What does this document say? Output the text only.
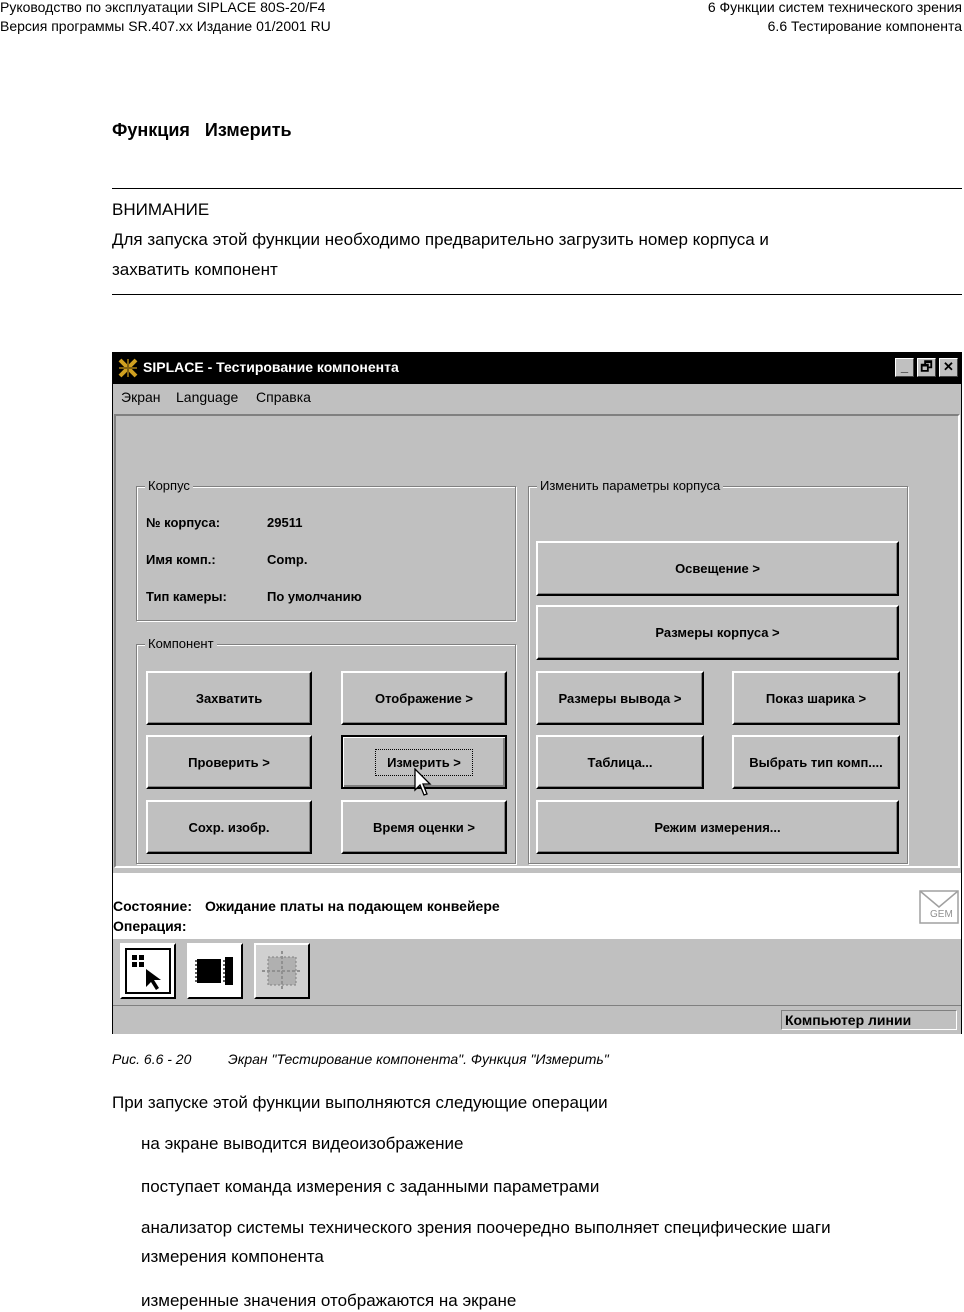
Руководство по эксплуатации SIPLACE 80S-20/F4
Версия программы SR.407.xx Издание 01/2001 RU
6 Функции систем технического зрения
6.6 Тестирование компонента
Функция   Измерить
ВНИМАНИЕ
Для запуска этой функции необходимо предварительно загрузить номер корпуса и
захватить компонент
SIPLACE - Тестирование компонента	_ 🗗 ✕
Экран Language Справка
Корпус
№ корпуса:	29511
Имя комп.:	Comp.
Тип камеры:	По умолчанию
Компонент
Захватить	Отображение >
Проверить >	Измерить >
Сохр. изобр.	Время оценки >
Изменить параметры корпуса
Освещение >
Размеры корпуса >
Размеры вывода >	Показ шарика >
Таблица...	Выбрать тип комп....
Режим измерения...
Состояние: Ожидание платы на подающем конвейере
Операция:
GEM
Компьютер линии
Рис. 6.6 - 20	Экран "Тестирование компонента". Функция "Измерить"
При запуске этой функции выполняются следующие операции
на экране выводится видеоизображение
поступает команда измерения с заданными параметрами
анализатор системы технического зрения поочередно выполняет специфические шаги
измерения компонента
измеренные значения отображаются на экране
